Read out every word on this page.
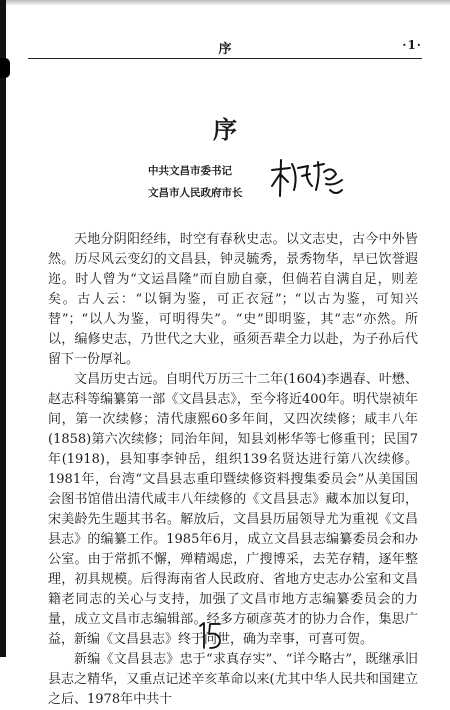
序	·1·
序
中共文昌市委书记
文昌市人民政府市长

天地分阴阳经纬，时空有春秋史志。以文志史，古今中外皆然。历尽风云变幻的文昌县，钟灵毓秀，景秀物华，早已饮誉遐迩。时人曾为“文运昌隆”而自励自豪，但倘若自满自足，则差矣。古人云：“以铜为鉴，可正衣冠”；“以古为鉴，可知兴替”；“以人为鉴，可明得失”。“史”即明鉴，其“志”亦然。所以，编修史志，乃世代之大业，亟须吾辈全力以赴，为子孙后代留下一份厚礼。

文昌历史古远。自明代万历三十二年(1604)李遇春、叶懋、赵志科等编纂第一部《文昌县志》，至今将近400年。明代崇祯年间，第一次续修；清代康熙60多年间，又四次续修；咸丰八年(1858)第六次续修；同治年间，知县刘彬华等七修重刊；民国7年(1918)，县知事李钟岳，组织139名贤达进行第八次续修。1981年，台湾“文昌县志重印暨续修资料搜集委员会”从美国国会图书馆借出清代咸丰八年续修的《文昌县志》藏本加以复印，宋美龄先生题其书名。解放后，文昌县历届领导尤为重视《文昌县志》的编纂工作。1985年6月，成立文昌县志编纂委员会和办公室。由于常抓不懈，殚精竭虑，广搜博采，去芜存精，逐年整理，初具规模。后得海南省人民政府、省地方史志办公室和文昌籍老同志的关心与支持，加强了文昌市地方志编纂委员会的力量，成立文昌市志编辑部。经多方硕彦英才的协力合作，集思广益，新编《文昌县志》终于问世，确为幸事，可喜可贺。

新编《文昌县志》忠于“求真存实”、“详今略古”，既继承旧县志之精华，又重点记述辛亥革命以来(尤其中华人民共和国建立之后、1978年中共十
